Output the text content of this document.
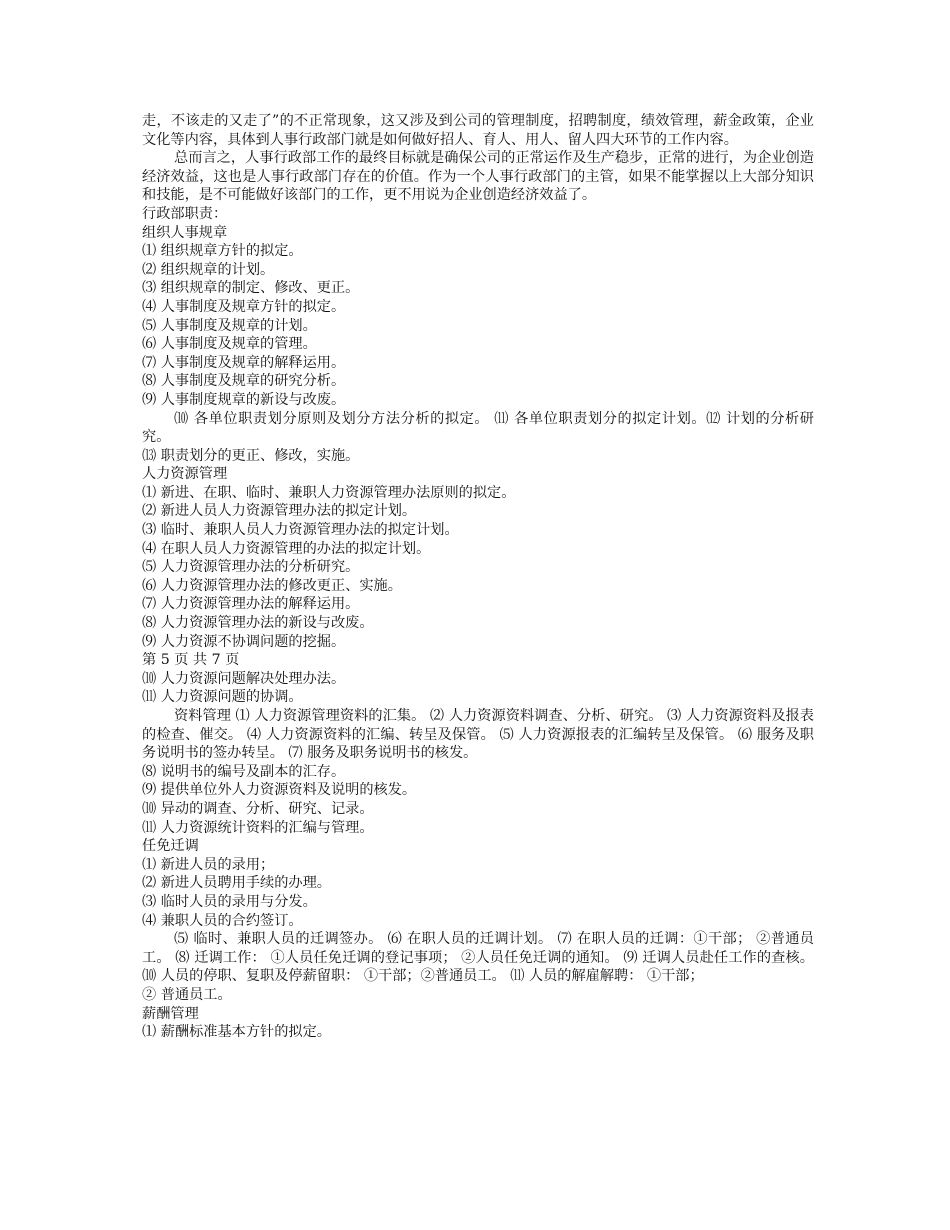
走，不该走的又走了”的不正常现象，这又涉及到公司的管理制度，招聘制度，绩效管理，薪金政策，企业文化等内容，具体到人事行政部门就是如何做好招人、育人、用人、留人四大环节的工作内容。

总而言之，人事行政部工作的最终目标就是确保公司的正常运作及生产稳步，正常的进行，为企业创造经济效益，这也是人事行政部门存在的价值。作为一个人事行政部门的主管，如果不能掌握以上大部分知识和技能，是不可能做好该部门的工作，更不用说为企业创造经济效益了。

行政部职责：

组织人事规章

⑴ 组织规章方针的拟定。

⑵ 组织规章的计划。

⑶ 组织规章的制定、修改、更正。

⑷ 人事制度及规章方针的拟定。

⑸ 人事制度及规章的计划。

⑹ 人事制度及规章的管理。

⑺ 人事制度及规章的解释运用。

⑻ 人事制度及规章的研究分析。

⑼ 人事制度规章的新设与改废。

⑽ 各单位职责划分原则及划分方法分析的拟定。 ⑾ 各单位职责划分的拟定计划。⑿ 计划的分析研究。

⒀ 职责划分的更正、修改，实施。

人力资源管理

⑴ 新进、在职、临时、兼职人力资源管理办法原则的拟定。

⑵ 新进人员人力资源管理办法的拟定计划。

⑶ 临时、兼职人员人力资源管理办法的拟定计划。

⑷ 在职人员人力资源管理的办法的拟定计划。

⑸ 人力资源管理办法的分析研究。

⑹ 人力资源管理办法的修改更正、实施。

⑺ 人力资源管理办法的解释运用。

⑻ 人力资源管理办法的新设与改废。

⑼ 人力资源不协调问题的挖掘。

第 5 页 共 7 页

⑽ 人力资源问题解决处理办法。

⑾ 人力资源问题的协调。

资料管理 ⑴ 人力资源管理资料的汇集。 ⑵ 人力资源资料调查、分析、研究。 ⑶ 人力资源资料及报表的检查、催交。 ⑷ 人力资源资料的汇编、转呈及保管。 ⑸ 人力资源报表的汇编转呈及保管。 ⑹ 服务及职务说明书的签办转呈。 ⑺ 服务及职务说明书的核发。

⑻ 说明书的编号及副本的汇存。

⑼ 提供单位外人力资源资料及说明的核发。

⑽ 异动的调查、分析、研究、记录。

⑾ 人力资源统计资料的汇编与管理。

任免迁调

⑴ 新进人员的录用；

⑵ 新进人员聘用手续的办理。

⑶ 临时人员的录用与分发。

⑷ 兼职人员的合约签订。

⑸ 临时、兼职人员的迁调签办。 ⑹ 在职人员的迁调计划。 ⑺ 在职人员的迁调：①干部； ②普通员工。 ⑻ 迁调工作： ①人员任免迁调的登记事项； ②人员任免迁调的通知。 ⑼ 迁调人员赴任工作的查核。 ⑽ 人员的停职、复职及停薪留职： ①干部；②普通员工。 ⑾ 人员的解雇解聘： ①干部；

② 普通员工。

薪酬管理

⑴ 薪酬标准基本方针的拟定。
